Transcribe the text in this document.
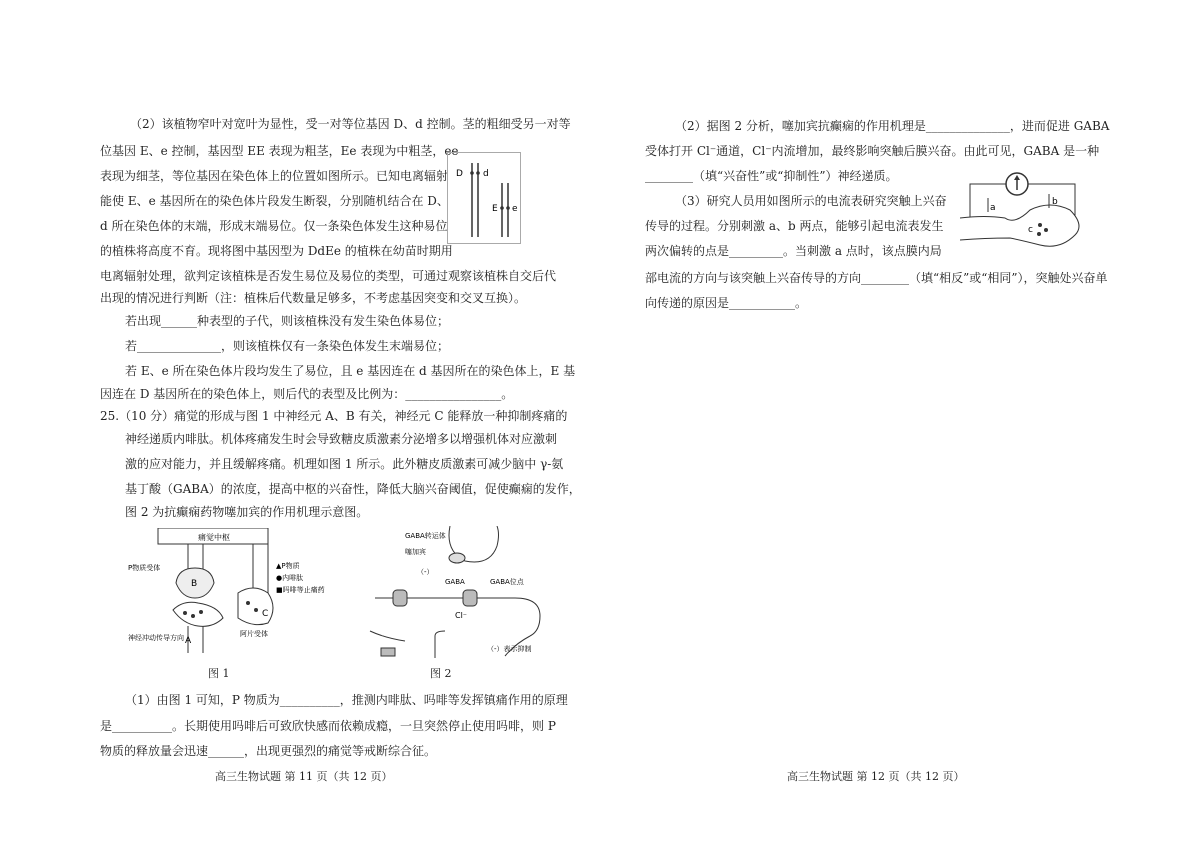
（2）该植物窄叶对宽叶为显性，受一对等位基因 D、d 控制。茎的粗细受另一对等
位基因 E、e 控制，基因型 EE 表现为粗茎，Ee 表现为中粗茎，ee
表现为细茎，等位基因在染色体上的位置如图所示。已知电离辐射
能使 E、e 基因所在的染色体片段发生断裂，分别随机结合在 D、
d 所在染色体的末端，形成末端易位。仅一条染色体发生这种易位
的植株将高度不育。现将图中基因型为 DdEe 的植株在幼苗时期用
电离辐射处理，欲判定该植株是否发生易位及易位的类型，可通过观察该植株自交后代
出现的情况进行判断（注：植株后代数量足够多，不考虑基因突变和交叉互换）。
若出现______种表型的子代，则该植株没有发生染色体易位；
若______________，则该植株仅有一条染色体发生末端易位；
若 E、e 所在染色体片段均发生了易位，且 e 基因连在 d 基因所在的染色体上，E 基
因连在 D 基因所在的染色体上，则后代的表型及比例为：________________。
25.（10 分）痛觉的形成与图 1 中神经元 A、B 有关，神经元 C 能释放一种抑制疼痛的
神经递质内啡肽。机体疼痛发生时会导致糖皮质激素分泌增多以增强机体对应激刺
激的应对能力，并且缓解疼痛。机理如图 1 所示。此外糖皮质激素可减少脑中 γ-氨
基丁酸（GABA）的浓度，提高中枢的兴奋性，降低大脑兴奋阈值，促使癫痫的发作，
图 2 为抗癫痫药物噻加宾的作用机理示意图。
D d
E e
痛觉中枢
B
A
C
P物质受体
阿片受体
神经冲动传导方向
▲P物质
●内啡肽
■吗啡等止痛药
图 1
GABA转运体
噻加宾
（-）
GABA	GABA位点
Cl⁻
（-）表示抑制
图 2
（1）由图 1 可知，P 物质为__________，推测内啡肽、吗啡等发挥镇痛作用的原理
是__________。长期使用吗啡后可致欣快感而依赖成瘾，一旦突然停止使用吗啡，则 P
物质的释放量会迅速______，出现更强烈的痛觉等戒断综合征。
高三生物试题 第 11 页（共 12 页）
（2）据图 2 分析，噻加宾抗癫痫的作用机理是______________，进而促进 GABA
受体打开 Cl⁻通道，Cl⁻内流增加，最终影响突触后膜兴奋。由此可见，GABA 是一种
________（填“兴奋性”或“抑制性”）神经递质。
（3）研究人员用如图所示的电流表研究突触上兴奋
传导的过程。分别刺激 a、b 两点，能够引起电流表发生
两次偏转的点是_________。当刺激 a 点时，该点膜内局
部电流的方向与该突触上兴奋传导的方向________（填“相反”或“相同”），突触处兴奋单
向传递的原因是___________。
c
a
b
高三生物试题 第 12 页（共 12 页）
